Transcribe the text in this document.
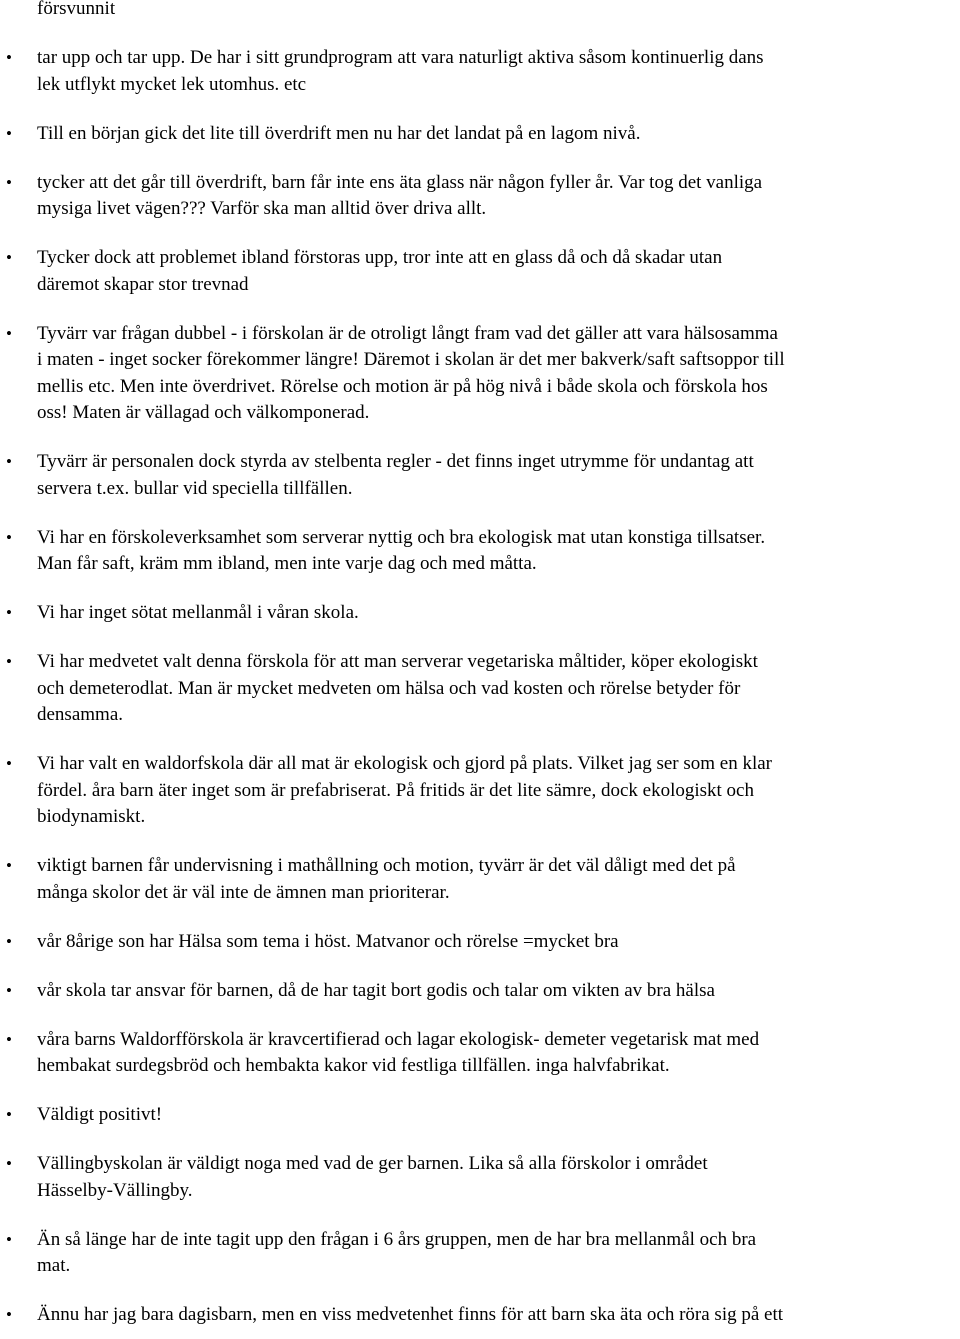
försvunnit
• tar upp och tar upp. De har i sitt grundprogram att vara naturligt aktiva såsom kontinuerlig dans
lek utflykt mycket lek utomhus. etc
• Till en början gick det lite till överdrift men nu har det landat på en lagom nivå.
• tycker att det går till överdrift, barn får inte ens äta glass när någon fyller år. Var tog det vanliga
mysiga livet vägen??? Varför ska man alltid över driva allt.
• Tycker dock att problemet ibland förstoras upp, tror inte att en glass då och då skadar utan
däremot skapar stor trevnad
• Tyvärr var frågan dubbel - i förskolan är de otroligt långt fram vad det gäller att vara hälsosamma
i maten - inget socker förekommer längre! Däremot i skolan är det mer bakverk/saft saftsoppor till
mellis etc. Men inte överdrivet. Rörelse och motion är på hög nivå i både skola och förskola hos
oss! Maten är vällagad och välkomponerad.
• Tyvärr är personalen dock styrda av stelbenta regler - det finns inget utrymme för undantag att
servera t.ex. bullar vid speciella tillfällen.
• Vi har en förskoleverksamhet som serverar nyttig och bra ekologisk mat utan konstiga tillsatser.
Man får saft, kräm mm ibland, men inte varje dag och med måtta.
• Vi har inget sötat mellanmål i våran skola.
• Vi har medvetet valt denna förskola för att man serverar vegetariska måltider, köper ekologiskt
och demeterodlat. Man är mycket medveten om hälsa och vad kosten och rörelse betyder för
densamma.
• Vi har valt en waldorfskola där all mat är ekologisk och gjord på plats. Vilket jag ser som en klar
fördel. åra barn äter inget som är prefabriserat. På fritids är det lite sämre, dock ekologiskt och
biodynamiskt.
• viktigt barnen får undervisning i mathållning och motion, tyvärr är det väl dåligt med det på
många skolor det är väl inte de ämnen man prioriterar.
• vår 8årige son har Hälsa som tema i höst. Matvanor och rörelse =mycket bra
• vår skola tar ansvar för barnen, då de har tagit bort godis och talar om vikten av bra hälsa
• våra barns Waldorfförskola är kravcertifierad och lagar ekologisk- demeter vegetarisk mat med
hembakat surdegsbröd och hembakta kakor vid festliga tillfällen. inga halvfabrikat.
• Väldigt positivt!
• Vällingbyskolan är väldigt noga med vad de ger barnen. Lika så alla förskolor i området
Hässelby-Vällingby.
• Än så länge har de inte tagit upp den frågan i 6 års gruppen, men de har bra mellanmål och bra
mat.
• Ännu har jag bara dagisbarn, men en viss medvetenhet finns för att barn ska äta och röra sig på ett
